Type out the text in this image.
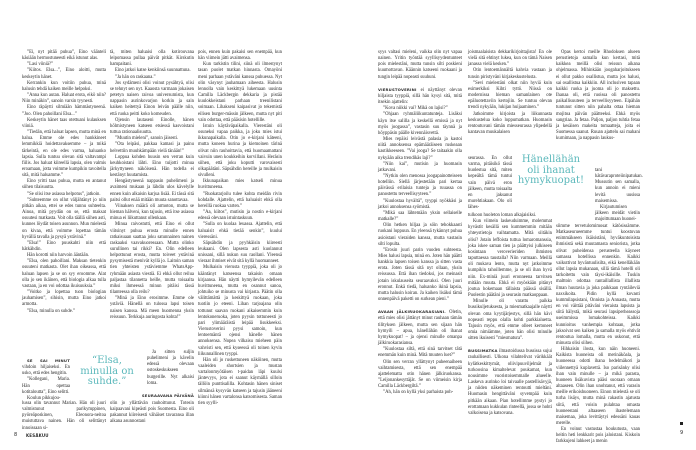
”Ei, nyt pitää puhua”, Eino vääntelí käsiään hermostuneesti eikä istunut alas.

”Lasi viiniä?”

”Kiitos. Elsa...”, Eino aloitti, mutta keskeytin hänet.

Kerrankin kun voitiin puhua, minä halusin tehdä kaiken meille helpoksi.

”Anna kun autan. Haluat erota, eikö niin? Niin minäkin”, sanoin varsin tyynesti.

Eino räpäytti silmiään hämmästyneenä. ”Joo. Olen pahoillani Elsa...”

Keskeytin hänet taas otettuani kulauksen viiniä.

”Tiedän, että haluat lapsen, mutta minä en halua. Emme ole edes hankkineet lemmikkiä hoidettavaksemme – ja mikä tärkeintä, en ole edes varma, haluanko lapsia. Sulla tuntuu olevan sitä valtavampi fiilis. Jos haluat kiireellä lapsia, olen valmis eroamaan, jotta voimme kumpikin tavoitella sitä, mitä haluamme.”

Eino yritti taas puhua, mutta en antanut siihen tilaisuutta.

”Se olisi itse asiassa helpotus”, jatkoin.

”Suhteemme on ollut väljähtänyt jo niin pitkän aikaa, ettei se edes tunnu suhteelta. Ainoa, mitä pyydän on se, että maksat osuutesi matkasta. Voit olla täällä siihen asti, kunnes löydät toisen asunnon. Mun mielestä on kivaa, että voimme lopettaa tämän hyvällä tavalla ja pysyä ystävinä.”

”Elsa!” Eino puuskahti niin että hätkähdin.

Hän korotti niin harvoin ääntään.

”Elsa, olen pahoillani. Maksan tietenkin osuuteni matkasta. Olet ihan oikeassa, että haluan lapsen ja se on syy eroomme. Alat olla jo sen ikäinen, että biologia alkaa tulla vastaan, ja en voi odottaa ikuisuuksia.”

”Voitko ja lopettaa tuon biologian jauhamisen”, sihisin, mutta Eino jatkoi armotta.

”Elsa, minulla on suhde.”

SE SAI MINUT vihdoin hiljaiseksi. En usko, että edes hengitin.

”Kollegani, Maria. Hän opettaa kotitaloutta”, Eino selitti.

Koulun pikkujou-

lussa olin tavannut Marian. Hän oli juuri valmistunut parikymppinen, pyöreäposkinen, Eleonora-neitoa muistuttava nainen. Hän oli selittänyt innoissaan si-

“Elsa, minulla on suhde.”

tä, miten haluaisi olla kotirouvana leipomassa pullaa päivät pitkät. Kirskutin hampaitani.

Eino jatkoi katse kenkiinsä suunnattuna.

”Ja hän on raskaana.”

Jos sydämeni olisi voinut pysähtyä, olisi se tehnyt sen nyt. Kaaosta varmaan jokaisen petetyn naisen raivoa universumista, kun nappasin aurinkovarjon korkin ja sain kaiken heitettyä Einon leivän päälle niin, että ruoka peitti koko komeuden.

Ojensin lautaseni Einolle, hänen hölmistyneen katseen etsiessä kasvoistani tuttua rationaalisuutta.

”Muutin mieleni”, sanoin jäisesti.

”Ota leipäsi, pakkaa kamasi ja painu helvettiin muuhkämpään vielä tänään!”

Loppua kohden huusin sen verran kuin keuhkoistani lähti. Eino tuijotti minua järkyttyneen näköisenä. Hän todella ei kestänyt huutamista.

Hengästyneenä nappasin puhelimeni ja avaimeni mukaan ja lähdin ulos kävelylle ennen kuin alkaisin karjua lisää. Ei tässä sitä paitsi ollut enää mitään muuta sanottavaa.

Viinaksen määrä oli armoton, mutta se hieman hälveni, kun tajusin, että itse asiassa minua ei liikuttanut ollenkaan.

Minua raivostutti, että Eino ei ollut viitsinyt puhua erosta minulle ennen ratkaisuaan saattaa joku satunnainen nainen raskaaksi vaavakuoressaan. Mutta olinko surullinen tai rikki? En. Olin edelleen helpottunut erosta, mutta toiveet ystävinä pysymisestä menivät kyllä jo. Laitoin saman tien yhteisten ystäviemme WhatsApp-ryhmään asiasta viestiä. Ei ehkä ollut reilua paljastaa tilannetta heille, mutta toisaalta miksi ihmeessä minun pitäisi tässä tilanteessa olla reilu?

”Minä ja Eino erosimme. Emme ole ystäviä. Hänellä on tulossa lapsi toisen naisen kanssa. Mä meen huomenna yksin reissuun. Terkkuja auringosta kohta!”

Ja sitten suljin puhelimeni ja kävelin edessä olevaan ostoskeskukseen burgerille. Nyt alkaisi loma.

SEURAAVANA PÄIVÄNÄ

olin jo yllättävän rauhoittunut. Totesin kaipaavani kipeästi pois Suomesta. Eino oli pakannut kiireisesti vähäiset tavaransa illan aikana asunnostani

pois, ennen kuin pakaisi sen enempää, kun hän viimein jätti avaimensa.

Kun tarkistin tilini, siinä oli ilmestynyt tasan puolet matkan hinnasta. Omayöni meni parhaan ystäväni kanssa puhuessa. Nyt olin väsynyt jauhamaan aiheesta. Halusin lennolla vain keskittyä lukemaan uusinta Camilla Läckbergin dekkaria ja pistää kuulokkeistani parhaan treenilistani soimaan. Lihakseni kaipasivat jo tekemistä eilisen burger-mässin jälkeen, mutta nyt piti vain odottaa, että pääsisin hotellille.

Istuin käytäväpaikalla. Vierestäni oli osuneksi vapaa paikka, ja joku mies istui ikkunapaikalla. Otin jo e-kirjani käteeni, mutta koneen hurina ja kiemoinen tärinä olivat niin rauhoittavia, että huomaamattani vaivuin unen koukkeihin korvillani. Heräsin siihen, että joku koputti varovaisesti olkapäätäni. Säpsähdin hereille ja mulkaisin sivulleni.

Ikkunapaikan mies katseli minua huvittuneena.

”Ruokatarjoilu tulee kohta meidän rivin kohdalle. Ajattelin, että haluaisit ehkä olla hereillä ruokaa varten.”

”Aa, kiitos”, mutisin ja nostin e-kirjani edessä olevaan istuintaskuun.

”Sulla on kuolaa leuassa. Ajattelin, että haluaisit ehkä tietää senkin”, kuului vieressäni.

Säpsähdin ja pyyhkäisin kiireesti leukaani. Olen lapsesta asti kuolannut unissani, sillä nukun suu raollani. Yleensä vieraat ihmiset eivät sitä kyllä huomanneet.

Mulkaisin vierusta tyyppiä, joka oli jo kääntänyt katseensa takaisin omaan kirjaansa. Hän näytti hymyilevän edelleen huvittuneena, mutta en osannut sanoa, johtuiko se minusta vai kirjasta. Päätin olla välittämättä ja keskittyä ruokaan, joka tuotiin jo eteeni. Lihan tarjoajana olin tottunut saavan ruokani aikaisemmin kuin lentokoneruoka, joten pyysin tottuneesti jo pari ylimääräistä leipää lisukkeeksi. Vierustoverini pyysi samoin, kun lentoemäntä ojensi hänelle hänen annoksensa. Nopea vilkaisu mieheen päin vahvisti sen, että kyseessä oli toinen kyvin liikunnallinen tyyppi.

Hän oli jo ruskettuneen näköinen, mutta vaaleiden shortsien ja mustan vartalonmyötäisen t-paidan läpi kuulsi jäntevyys, jota ei saanut käymällä silloin tällöin punttisalilla. Kohtasin hänen siniset silmänsä kysyvän katseen ja tajusin jääneeni kiinni hänen vartalonsa katsomisesta. Saman tien syylli-

8 KESÄKUU

syys valtasi mieleni, vaikka olin nyt vapaa nainen. Yritin työntää syyllisyydentunteet pois mielestäni, mutta tunsin silti poskieni kuumottavan. Käännin katseeni ruokaani ja tungin leipää nopeasti suuhuni.

VIERUSTOVERINI ei näyttänyt olevan hiljaista tyyppiä, sillä hän kysyi sitä, mitä itsekin ajattelin:

”Kova niikki vai? Mikä on lajisi?”

”Ohjaan ryhmäliikuntatunteja. Lisäksi käyn itse salilla ja keskellä emissä ja nyt myös joogassa”, vastasin suu täynnä ja höyppäsin päälle kivennäisvettä.

Mies repäisi leivästä palasia ja kastoi niitä annoksensa epämääräiseen ruskeaan kastikkeeseen. ”Vai jooga? Se taitaakin olla nykyään aika trendikäs laji?”

”Niin kai”, mutisin ja huomasin jatkavani.

”Nytkin olen menossa joogapainotteiseen hotelliin. Siellä järjestetään pari kertaa päivässä erilaisia tunteja ja ruuassa on panostettu terveellisyyteen.”

”Kuulostaa hyvältä”, tyyppi nyökkäsi ja jatkoi annoksensa syömistä.

”Mikä saa lähtemään yksin sellaiselle matkalle?”

Olin hetken hiljaa ja söin tehokkaasti ruokani loppuun. En yleensä tykännyt puhua asioistani vieraiden kanssa, mutta vastasin silti lopulta.

”Erosin juuri parin vuoden suhteesta. Mies halusi lapsia, minä en. Joten hän päätti hankkia lapsen toisen kanssa ja sitten vasta erota. Joten tässä sitä nyt ollaan, yksin reissussa. Että ihan tiedoksi, jos meinasit jotain iskulauseita seuraavaksi. Olen juuri eronnut. Enkä tiedä, haluanko ikinä lapsia, mutta halusin koiran. Ja kaiken lisäksi tämä onnenpäivä paketti on surkean pieni.”

AVAAN JÄLKIRUOKARASIANI. Oletin, että mies olisi jättänyt minut rauhaan tämän tilityksen jälkeen, mutta sen sijaan hän hymyili – apua, hänellähän oli ihanat hymykuopat! – ja ojensi minulle omanpa jälkiruokarasiansa.

”Kuulostaa siltä, että sinä tarvitset tätä enemmän kuin minä. Mitä muuten luet?”

Olin sen verran yllättynyt puheenaiheen vaihtamisesta, että sen enempää ajattelematta otin hänen jälkiruokansa. ”Leijonankesyttäjät. Se on viimeisin kirja Camilla Läckbergiltä.”

”Ah, hän on kyllä yksi parhaista poh-

joismaalaisista dekkarikirjoittajista! En ole vielä sitä ehtinyt lukea, kun on tämä Naisen janassa vielä kesken.”

Otin lentoemännältä kahvia vastaan ja tunsin piristyväni kirjakeskustelusta.

”Sevi mielestäni olkat niin hyviä kuin esimerkiksi Kihti tyttö. Niissä on modernissa hieman samanlainen ote epäluotettaviin kertojiin. Se tuntuu olevan trendi nykyään, lukijan huijaaminen.”

Jatkoimme kirjoista ja liikunnasta keskustelua koko loppumatkan. Huomasin rentoutuvani tämän miesseurassa ylipedellä kantavan muukalaisen

seurassa. En ollut varma, pitäisikö tässä huolestua sitä, miten kepeältä tämä tuntui vain päivä eron jälkeen, mutta toisaalta en jaksanut murehtiakaan. Olo oli lähes-

tulkoon huoleton loman alkajaisiksi.

Kun viimein laskeuduimme, molemmat hyvästit kesällä sen kummemmin mitään yhteystietoja vaihtamatta. Mitä siitäkin olisi? Jotain leffoista tuttua lomaromanssia, joka iskee saman tien ja päättyisi julkiseen kosintaan veroverieriden ihmisten taputtaessa taustalla? Niin varmaan. Meillä oli mukava lento, mutta nyt jatkoimme kumpikin tahoillemme, ja se oli ihan hyvä niin. Ex-miniä juuri eronneena tarvitsen mitään muuta. Ehkä ei myöskään pitänyt joutua hokemaan tällaista päässä sisällä. Puolestin päätäni ja seurasin matkaoppaan.

Minulle oli varattu paikka bussikuljetuksesta, ja miesmatkaajalle näytti olevan oma kyytijärjestys, sillä hän kävi nopeasti reppu olalla kohti parkkialuetta. Tajusin myös, että emme olleet kertoneet omia nimiämme, joten hän olisi minulle sitten ikuisesti ”miesmatura”.

BUSSIMATKA ilmastoidussa bussissa sujui rauhallisesti. Ulkona vilahtelivat värikkäät kylätkeskittymät, oliivipuuviljelmät ja turkoosina kimaltelevat poukamat, kun nousimme vuoristoisemmalle alueelle. Laskeva aurinko loi taivaalle pastellisävyjä, ja niiden näkeminen rentoutti mieltäni. Huomasin hengittäväni syvempää kuin pitkään aikaan. Pian hotellimme pystyi jo erottamaan kukkulan rinteellä, jossa se hohti valkoisena ja katsovana.

Hänellähän oli ihanat hymykuopat!

Opas kertoi meille Rhodoksen alueen perustietoja samalla kun kertasi, mitä kaikkea meillä olisi reissun aikana ohjelmassa. Mihinkään joogaharjoitukseen ei ollut pakko osallistua, mutta jos halusi, sai osallistua kaikkiin. All inclusiven tapaan kaikki ruoka ja juoma oli jo maksettu. Ihanaa oli, että ruoissa oli panostettu paikallisuuteen ja terveellisyyteen. Eipähän tuntunut sitten niin pahalta ottaa hieman mojitoa päivän päätteeksi. Ehkä myös sangriaa. Ja fetaa. Paljon, paljon tuhtia fetaa ja kesäisen makeita tomaatteja, joita ei Suomessa saanut. Ruuan ajattelu sai mahani kurnimaan, ja nappasin laukus-

tani hätävaraproteiinipatukan. Mussutin sen samalla, kun annoin ei mieni levitä uusissa maisemissa.

Kirjautumisen jälkeen meidät vietiin majoittumaan huonei-

siimme tervetulomimosat kätösissämme. Matkaseurueemme tuntui koostuvan enimmäkseen ikäisistäni, hyväkuntoisista ihmisistä sekä muutamasta seniorista, jotka olivat puheidensa perusteella käyneet samassa hotellissa ennenkin. Kaikki vaikuttivat hyväntuulisilta, eikä kenelläkään ollut lapsia mukanaan, sillä tämä hotelli oli tarkoitettu vain täysi-ikäisille. Tuskin malttoin odottaa rantaillallista illallista ilman huutavia ja joka paikkaan ryntäileviä naxsikoita. Pidin kyllä kovasti kummilapsistani, Onnista ja Annasta, mutta en voi väittää pitäväni vieraista lapsista ja siitä hälystä, mikä seurasi lapsiperheassoja useimmissa lomakohteissa. Kaikki kunnioitus vanhempia kohtaan, jotka jaksoivat sen kaiken ja samalla myös ehtivät rentoutua lomalla, mutta en uskonut, että minusta olisi siihen.

Hihkaisin ilosta, kun näin huoneeni. Kaikista huoneista oli merinäköala, ja huoneessa odotti ihana hedelmäkori ja viilennettyä kuplavettä. Iso parisänky olisi ihan vain minulle – ja mikä parasta, huoneen lisäkuvista pääsi suoraan omaan altaaseen. Olin ihan unohtanut, että varasin meille erikoishuoneen. Einon mielestä se oli turha lisäys, mutta minä rakastin ajatusta siitä, että voisin pulahtaa omasta huoneestani altaaseen ihastelemaan maisemaa, joka levittäytyi edessäni kauas merelle.

En voinut vastustaa houkutusta, vaan heitin heti lenkkarit pois jaloistani. Kiskoin farkkujeni lahkeet ja menin

9
